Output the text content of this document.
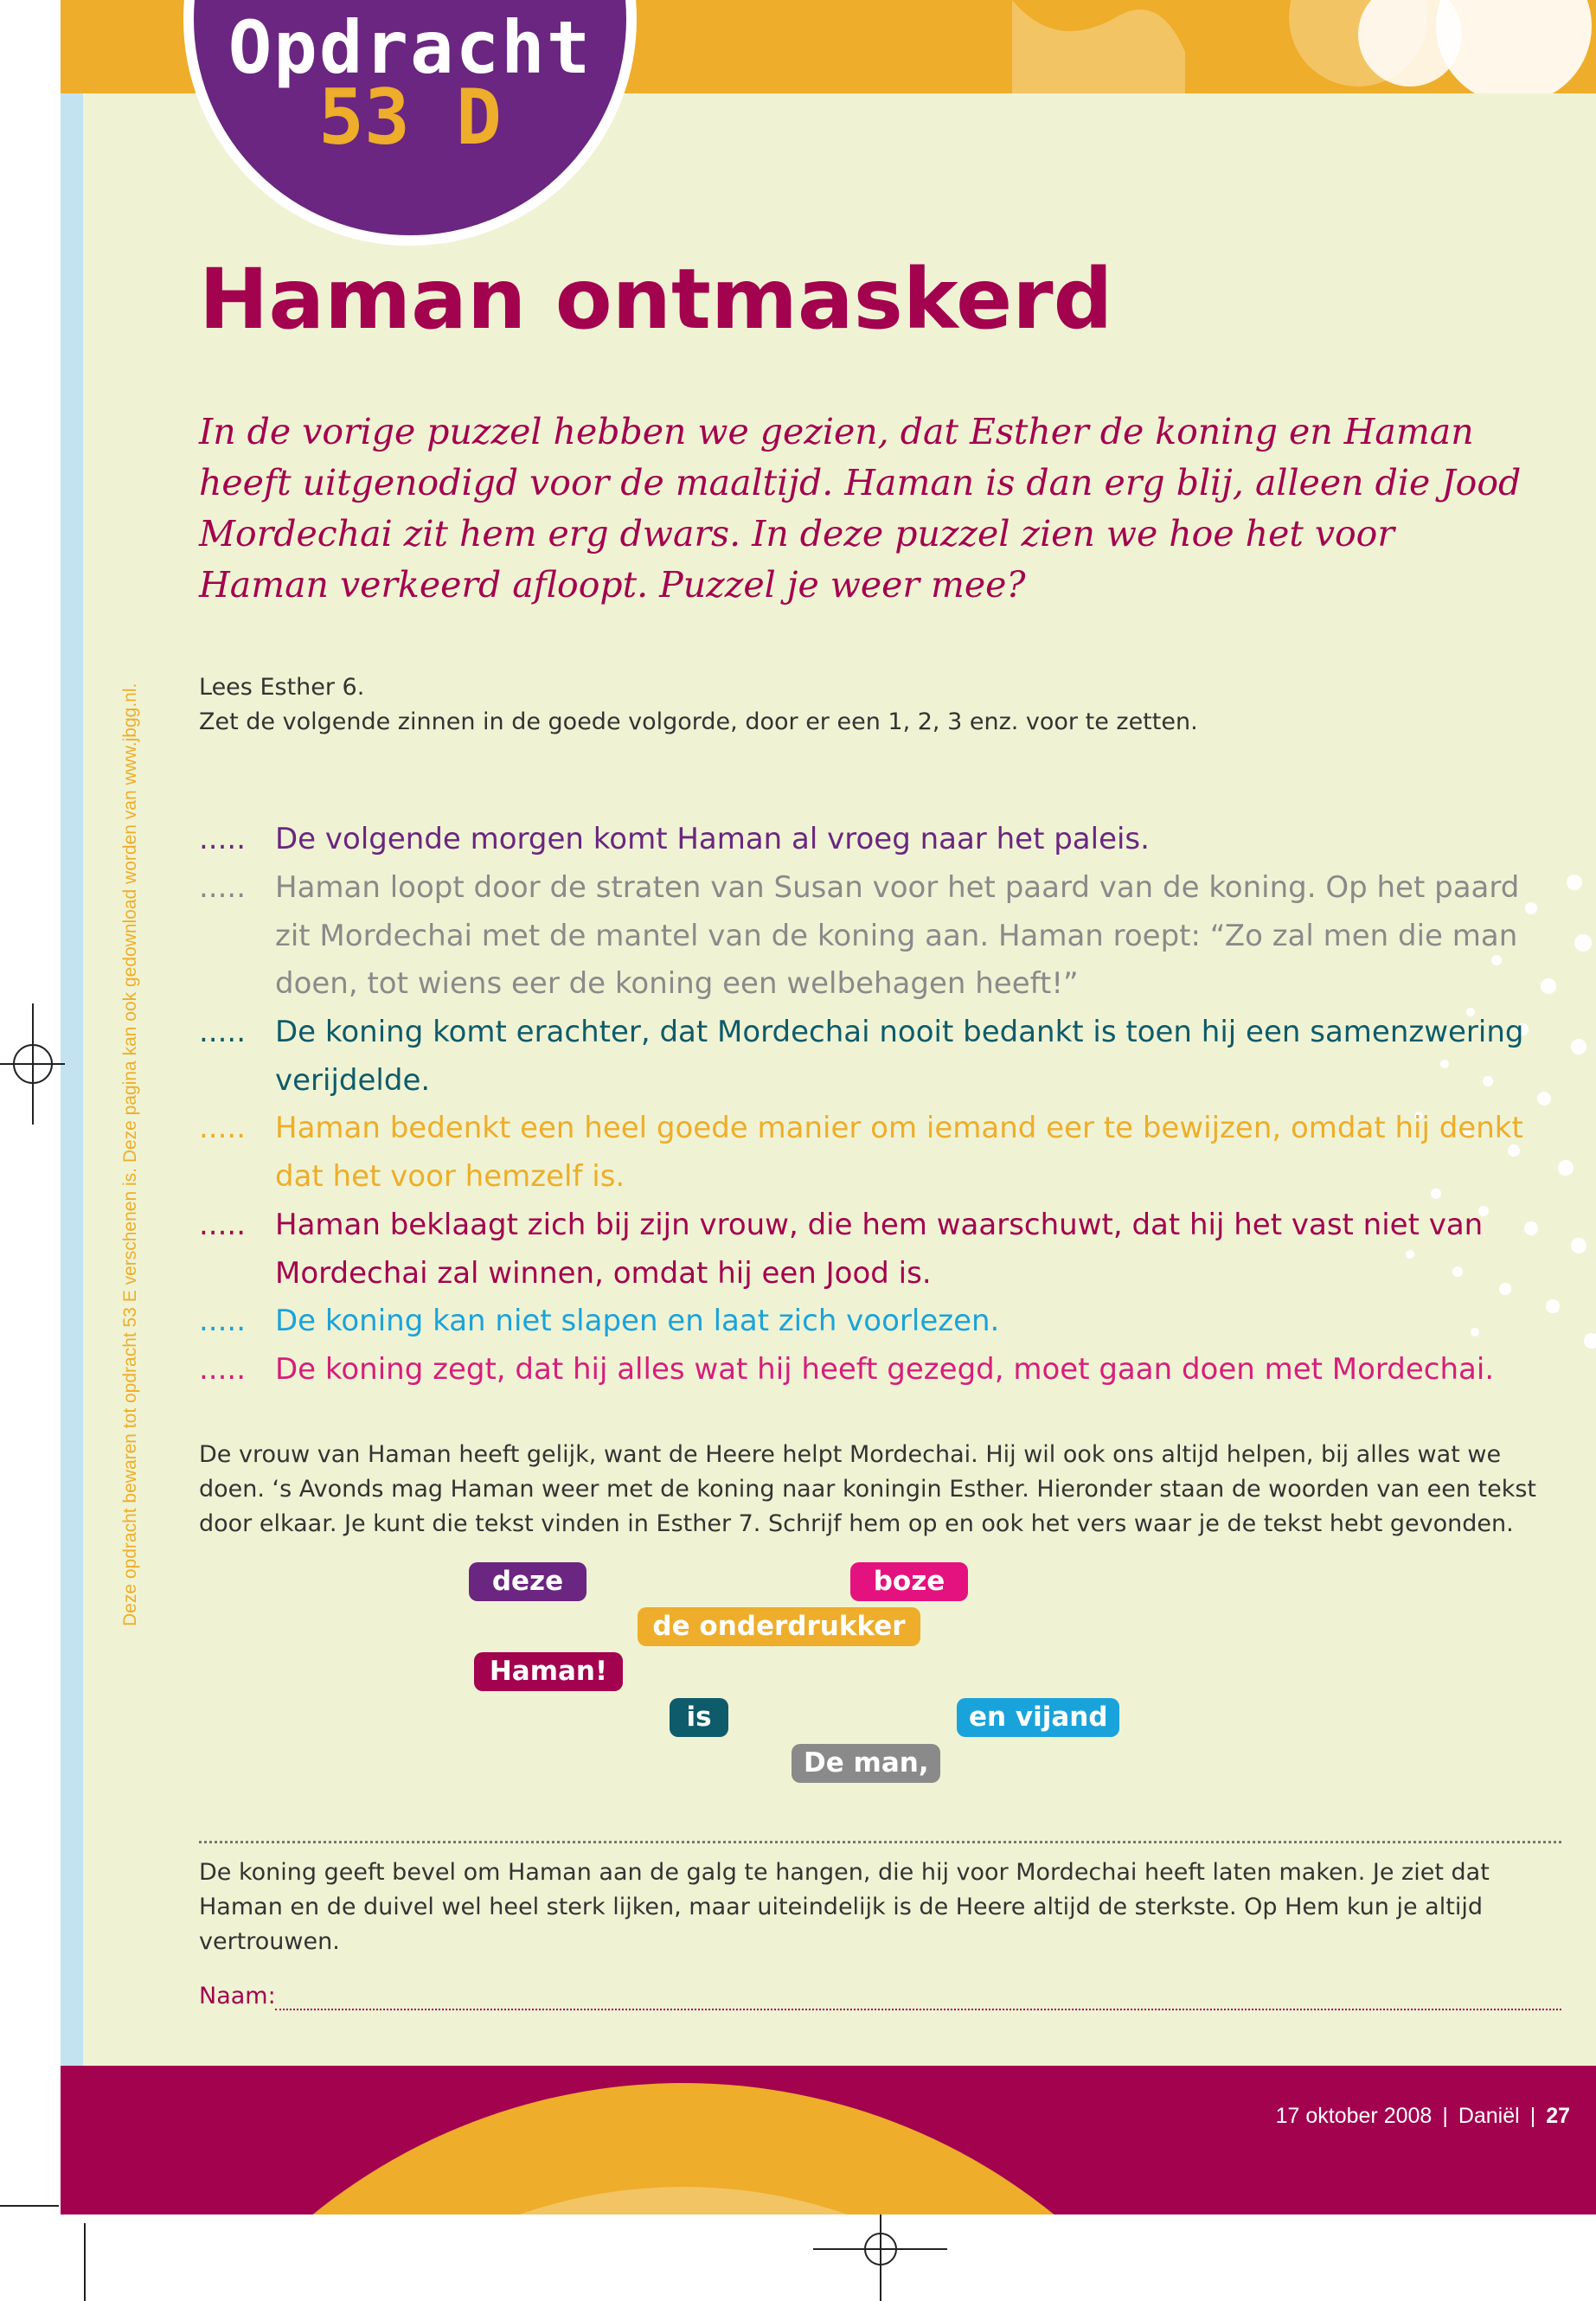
Opdracht
53 D
Deze opdracht bewaren tot opdracht 53 E verschenen is. Deze pagina kan ook gedownload worden van www.jbgg.nl.
Haman ontmaskerd

In de vorige puzzel hebben we gezien, dat Esther de koning en Haman heeft uitgenodigd voor de maaltijd. Haman is dan erg blij, alleen die Jood Mordechai zit hem erg dwars. In deze puzzel zien we hoe het voor Haman verkeerd afloopt. Puzzel je weer mee?

Lees Esther 6.

Zet de volgende zinnen in de goede volgorde, door er een 1, 2, 3 enz. voor te zetten.

..... De volgende morgen komt Haman al vroeg naar het paleis.
..... Haman loopt door de straten van Susan voor het paard van de koning. Op het paard zit Mordechai met de mantel van de koning aan. Haman roept: “Zo zal men die man doen, tot wiens eer de koning een welbehagen heeft!”
..... De koning komt erachter, dat Mordechai nooit bedankt is toen hij een samenzwering verijdelde.
..... Haman bedenkt een heel goede manier om iemand eer te bewijzen, omdat hij denkt dat het voor hemzelf is.
..... Haman beklaagt zich bij zijn vrouw, die hem waarschuwt, dat hij het vast niet van Mordechai zal winnen, omdat hij een Jood is.
..... De koning kan niet slapen en laat zich voorlezen.
..... De koning zegt, dat hij alles wat hij heeft gezegd, moet gaan doen met Mordechai.

De vrouw van Haman heeft gelijk, want de Heere helpt Mordechai. Hij wil ook ons altijd helpen, bij alles wat we doen. ‘s Avonds mag Haman weer met de koning naar koningin Esther. Hieronder staan de woorden van een tekst door elkaar. Je kunt die tekst vinden in Esther 7. Schrijf hem op en ook het vers waar je de tekst hebt gevonden.

deze	boze
de onderdrukker
Haman!
is	en vijand
De man,

De koning geeft bevel om Haman aan de galg te hangen, die hij voor Mordechai heeft laten maken. Je ziet dat Haman en de duivel wel heel sterk lijken, maar uiteindelijk is de Heere altijd de sterkste. Op Hem kun je altijd vertrouwen.

Naam:
17 oktober 2008 | Daniël | 27
